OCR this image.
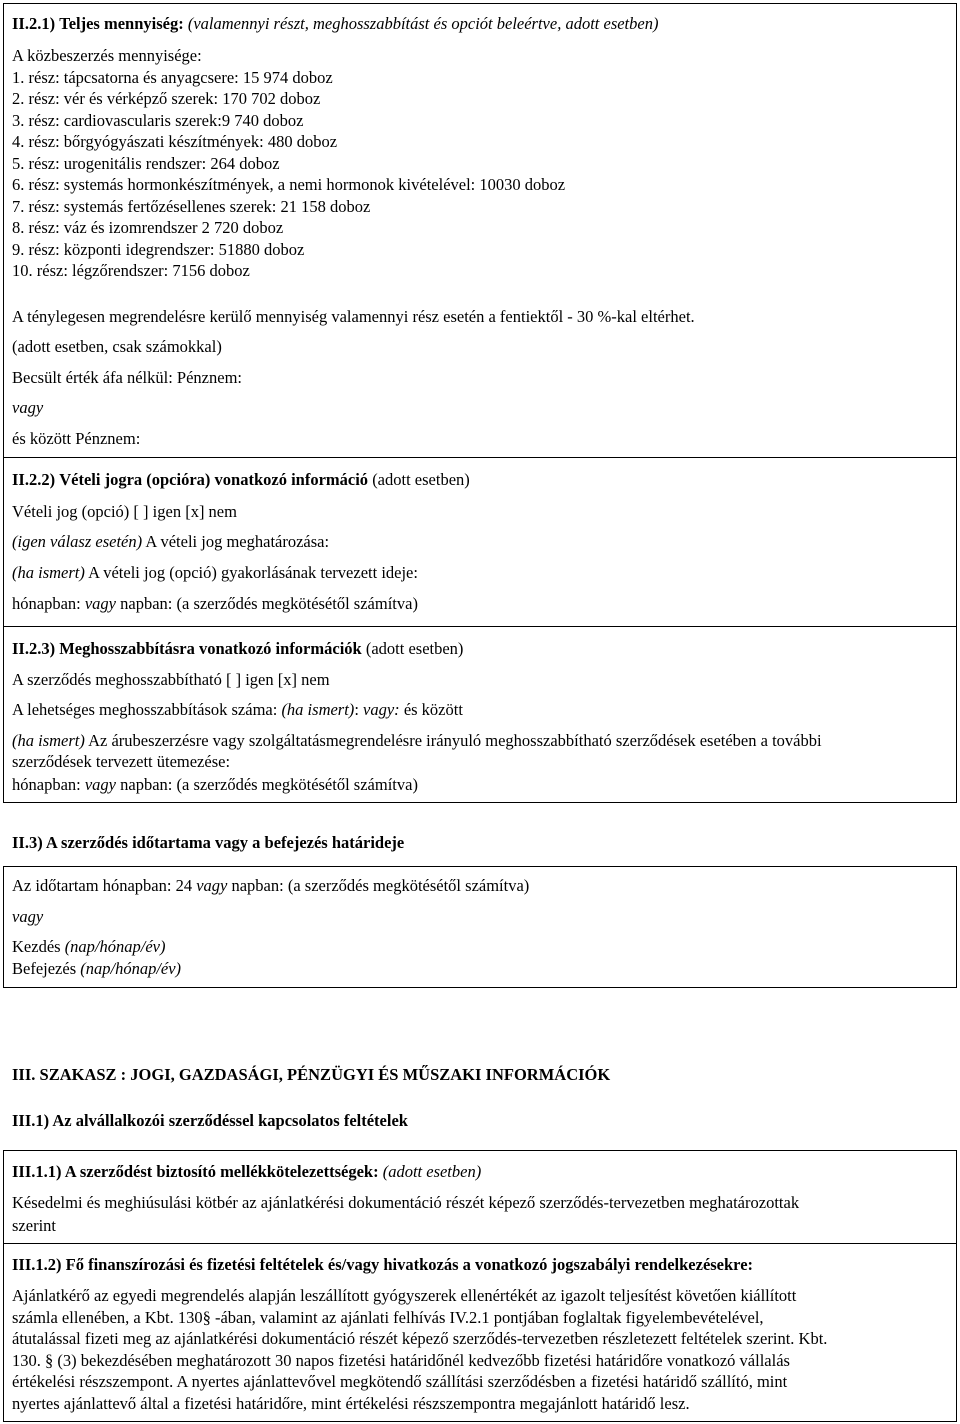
II.2.1) Teljes mennyiség: (valamennyi részt, meghosszabbítást és opciót beleértve, adott esetben)
A közbeszerzés mennyisége:
1. rész: tápcsatorna és anyagcsere: 15 974 doboz
2. rész: vér és vérképző szerek: 170 702 doboz
3. rész: cardiovascularis szerek:9 740 doboz
4. rész: bőrgyógyászati készítmények: 480 doboz
5. rész: urogenitális rendszer: 264 doboz
6. rész: systemás hormonkészítmények, a nemi hormonok kivételével: 10030 doboz
7. rész: systemás fertőzésellenes szerek: 21 158 doboz
8. rész: váz és izomrendszer 2 720 doboz
9. rész: központi idegrendszer: 51880 doboz
10. rész: légzőrendszer: 7156 doboz
A ténylegesen megrendelésre kerülő mennyiség valamennyi rész esetén a fentiektől - 30 %-kal eltérhet.
(adott esetben, csak számokkal)
Becsült érték áfa nélkül: Pénznem:
vagy
és között Pénznem:
II.2.2) Vételi jogra (opcióra) vonatkozó információ (adott esetben)
Vételi jog (opció) [ ] igen [x] nem
(igen válasz esetén) A vételi jog meghatározása:
(ha ismert) A vételi jog (opció) gyakorlásának tervezett ideje:
hónapban: vagy napban: (a szerződés megkötésétől számítva)
II.2.3) Meghosszabbításra vonatkozó információk (adott esetben)
A szerződés meghosszabbítható [ ] igen [x] nem
A lehetséges meghosszabbítások száma: (ha ismert): vagy: és között
(ha ismert) Az árubeszerzésre vagy szolgáltatásmegrendelésre irányuló meghosszabbítható szerződések esetében a további
szerződések tervezett ütemezése:
hónapban: vagy napban: (a szerződés megkötésétől számítva)
II.3) A szerződés időtartama vagy a befejezés határideje
Az időtartam hónapban: 24 vagy napban: (a szerződés megkötésétől számítva)
vagy
Kezdés (nap/hónap/év)
Befejezés (nap/hónap/év)
III. SZAKASZ : JOGI, GAZDASÁGI, PÉNZÜGYI ÉS MŰSZAKI INFORMÁCIÓK
III.1) Az alvállalkozói szerződéssel kapcsolatos feltételek
III.1.1) A szerződést biztosító mellékkötelezettségek: (adott esetben)
Késedelmi és meghiúsulási kötbér az ajánlatkérési dokumentáció részét képező szerződés-tervezetben meghatározottak
szerint
III.1.2) Fő finanszírozási és fizetési feltételek és/vagy hivatkozás a vonatkozó jogszabályi rendelkezésekre:
Ajánlatkérő az egyedi megrendelés alapján leszállított gyógyszerek ellenértékét az igazolt teljesítést követően kiállított
számla ellenében, a Kbt. 130§ -ában, valamint az ajánlati felhívás IV.2.1 pontjában foglaltak figyelembevételével,
átutalással fizeti meg az ajánlatkérési dokumentáció részét képező szerződés-tervezetben részletezett feltételek szerint. Kbt.
130. § (3) bekezdésében meghatározott 30 napos fizetési határidőnél kedvezőbb fizetési határidőre vonatkozó vállalás
értékelési részszempont. A nyertes ajánlattevővel megkötendő szállítási szerződésben a fizetési határidő szállító, mint
nyertes ajánlattevő által a fizetési határidőre, mint értékelési részszempontra megajánlott határidő lesz.
